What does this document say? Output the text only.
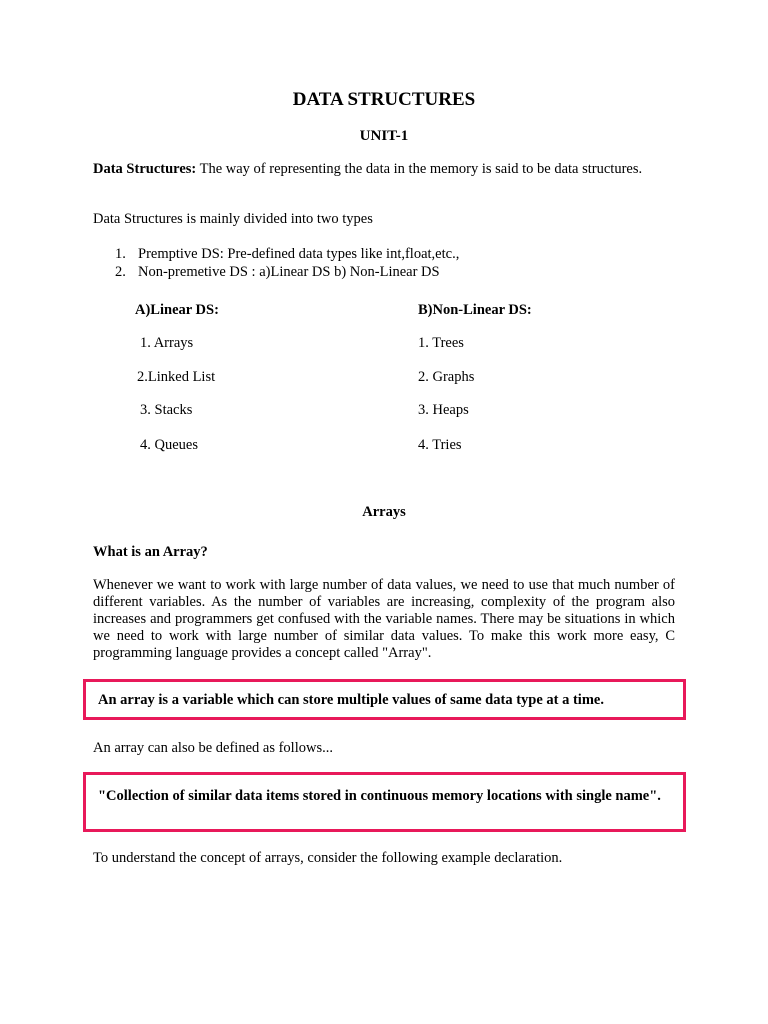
DATA STRUCTURES
UNIT-1

Data Structures: The way of representing the data in the memory is said to be data structures.

Data Structures is mainly divided into two types

1. Premptive DS: Pre-defined data types like int,float,etc.,
2. Non-premetive DS : a)Linear DS b) Non-Linear DS
A)Linear DS:
1. Arrays
2.Linked List
3. Stacks
4. Queues
B)Non-Linear DS:
1. Trees
2. Graphs
3. Heaps
4. Tries
Arrays
What is an Array?

Whenever we want to work with large number of data values, we need to use that much number of different variables. As the number of variables are increasing, complexity of the program also increases and programmers get confused with the variable names. There may be situations in which we need to work with large number of similar data values. To make this work more easy, C programming language provides a concept called "Array".

An array is a variable which can store multiple values of same data type at a time.

An array can also be defined as follows...

"Collection of similar data items stored in continuous memory locations with single name".

To understand the concept of arrays, consider the following example declaration.
